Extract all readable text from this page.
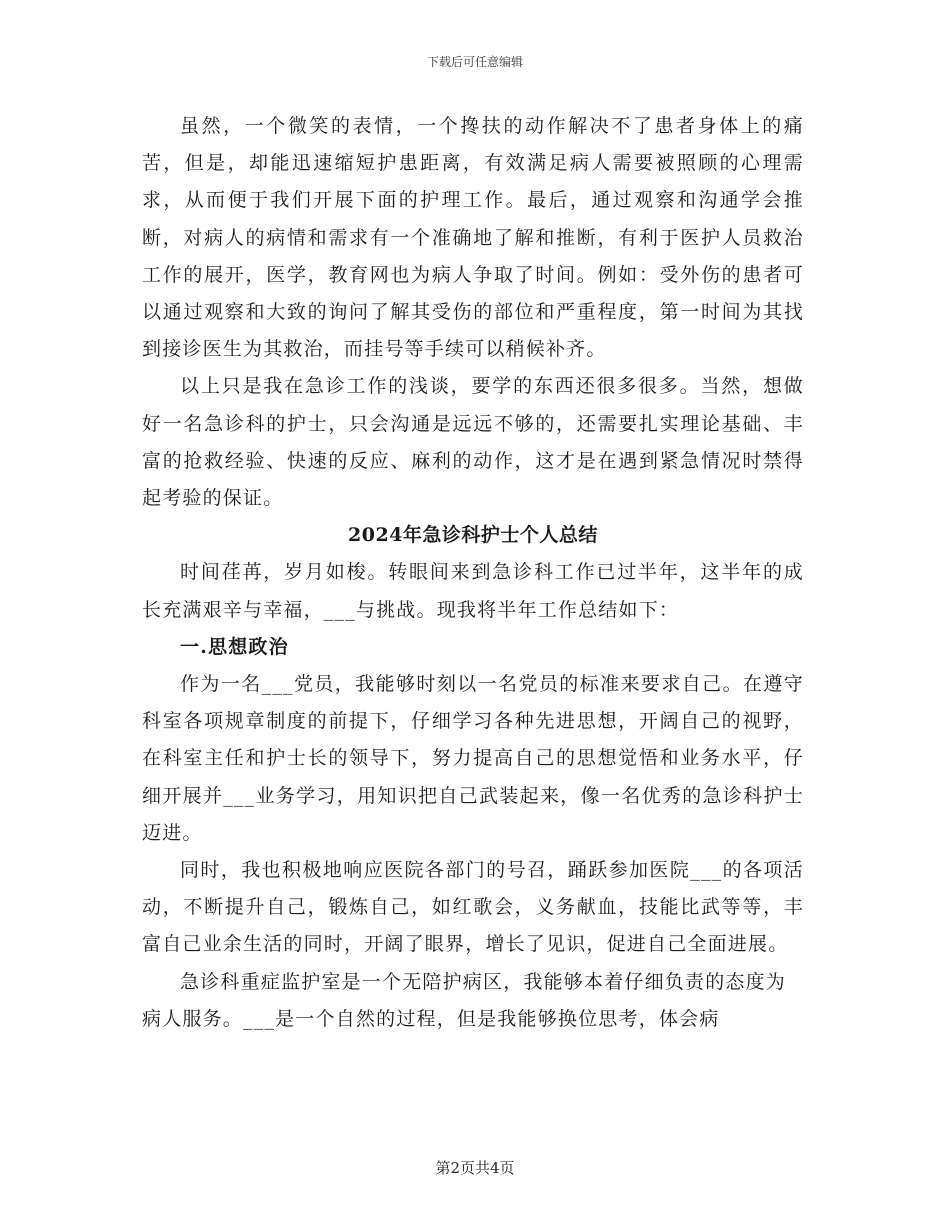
下载后可任意编辑

虽然，一个微笑的表情，一个搀扶的动作解决不了患者身体上的痛苦，但是，却能迅速缩短护患距离，有效满足病人需要被照顾的心理需求，从而便于我们开展下面的护理工作。最后，通过观察和沟通学会推断，对病人的病情和需求有一个准确地了解和推断，有利于医护人员救治工作的展开，医学，教育网也为病人争取了时间。例如：受外伤的患者可以通过观察和大致的询问了解其受伤的部位和严重程度，第一时间为其找到接诊医生为其救治，而挂号等手续可以稍候补齐。

以上只是我在急诊工作的浅谈，要学的东西还很多很多。当然，想做好一名急诊科的护士，只会沟通是远远不够的，还需要扎实理论基础、丰富的抢救经验、快速的反应、麻利的动作，这才是在遇到紧急情况时禁得起考验的保证。

2024年急诊科护士个人总结

时间荏苒，岁月如梭。转眼间来到急诊科工作已过半年，这半年的成长充满艰辛与幸福，___与挑战。现我将半年工作总结如下：

一.思想政治

作为一名___党员，我能够时刻以一名党员的标准来要求自己。在遵守科室各项规章制度的前提下，仔细学习各种先进思想，开阔自己的视野，在科室主任和护士长的领导下，努力提高自己的思想觉悟和业务水平，仔细开展并___业务学习，用知识把自己武装起来，像一名优秀的急诊科护士迈进。

同时，我也积极地响应医院各部门的号召，踊跃参加医院___的各项活动，不断提升自己，锻炼自己，如红歌会，义务献血，技能比武等等，丰富自己业余生活的同时，开阔了眼界，增长了见识，促进自己全面进展。

急诊科重症监护室是一个无陪护病区，我能够本着仔细负责的态度为病人服务。___是一个自然的过程，但是我能够换位思考，体会病

第2页共4页
